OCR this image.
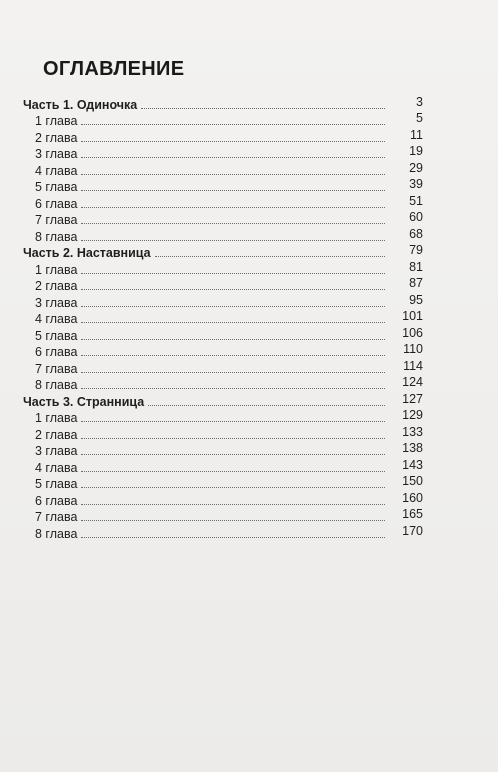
ОГЛАВЛЕНИЕ
Часть 1. Одиночка	3
1 глава	5
2 глава	11
3 глава	19
4 глава	29
5 глава	39
6 глава	51
7 глава	60
8 глава	68
Часть 2. Наставница	79
1 глава	81
2 глава	87
3 глава	95
4 глава	101
5 глава	106
6 глава	110
7 глава	114
8 глава	124
Часть 3. Странница	127
1 глава	129
2 глава	133
3 глава	138
4 глава	143
5 глава	150
6 глава	160
7 глава	165
8 глава	170
